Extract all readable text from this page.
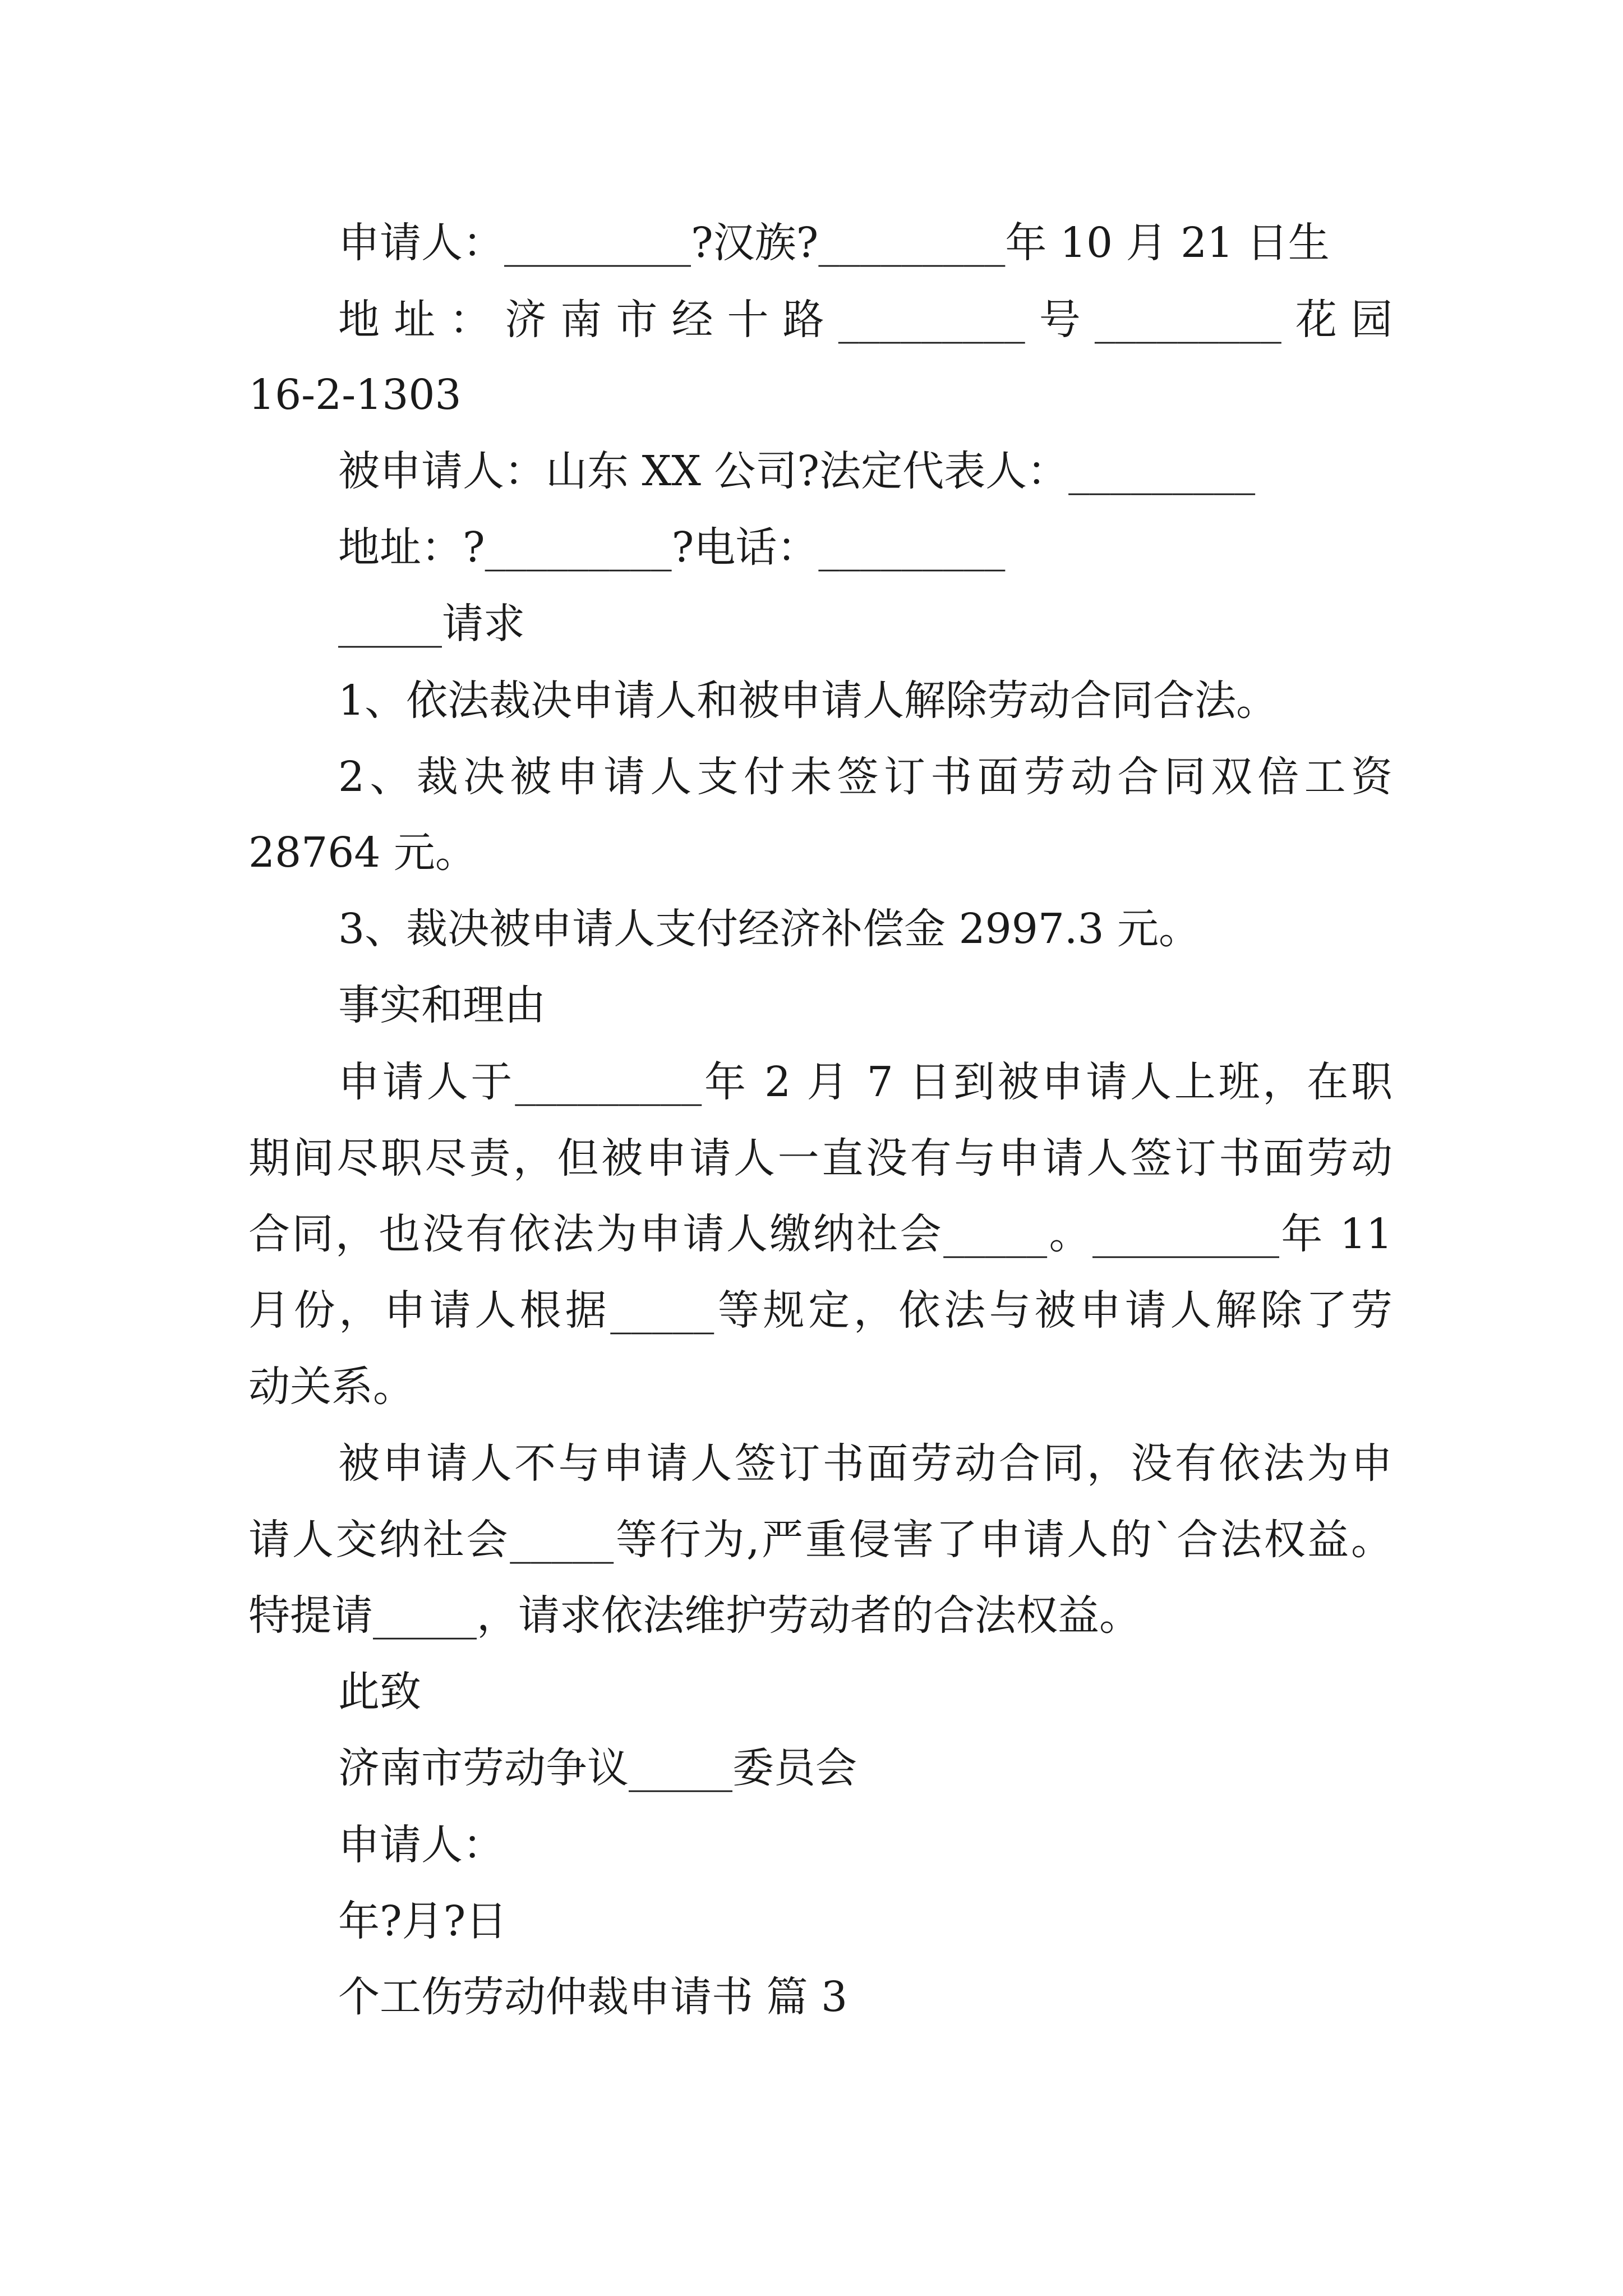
申请人：_________?汉族?_________年 10 月 21 日生
地址：济南市经十路_________号_________花园
16-2-1303
被申请人：山东 XX 公司?法定代表人：_________
地址：?_________?电话：_________
_____请求
1、依法裁决申请人和被申请人解除劳动合同合法。
2、裁决被申请人支付未签订书面劳动合同双倍工资
28764 元。
3、裁决被申请人支付经济补偿金 2997.3 元。
事实和理由
申请人于_________年 2 月 7 日到被申请人上班，在职
期间尽职尽责，但被申请人一直没有与申请人签订书面劳动
合同，也没有依法为申请人缴纳社会_____。_________年 11
月份，申请人根据_____等规定，依法与被申请人解除了劳
动关系。
被申请人不与申请人签订书面劳动合同，没有依法为申
请人交纳社会_____等行为,严重侵害了申请人的`合法权益。
特提请_____，请求依法维护劳动者的合法权益。
此致
济南市劳动争议_____委员会
申请人：
年?月?日
个工伤劳动仲裁申请书 篇 3
